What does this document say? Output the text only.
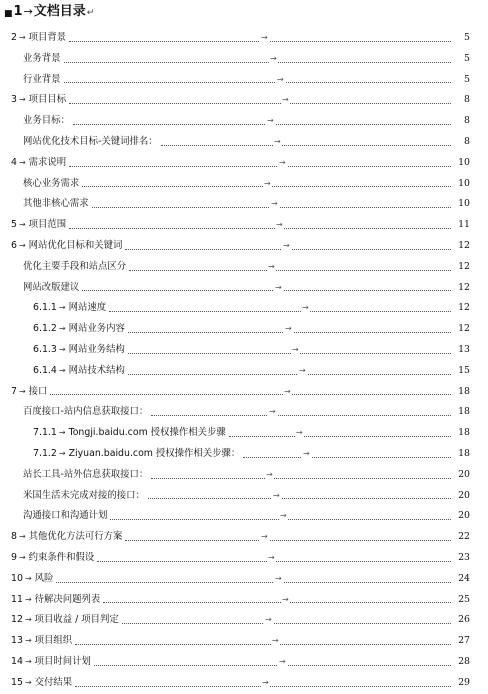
■1→文档目录↵
2 → 项目背景	5
→
业务背景	5
→
行业背景	5
→
3 → 项目目标	8
→
业务目标：	8
→
网站优化技术目标-关键词排名：	8
→
4 → 需求说明	10
→
核心业务需求	10
→
其他非核心需求	10
→
5 → 项目范围	11
→
6 → 网站优化目标和关键词	12
→
优化主要手段和站点区分	12
→
网站改版建议	12
→
6.1.1 → 网站速度	12
→
6.1.2 → 网站业务内容	12
→
6.1.3 → 网站业务结构	13
→
6.1.4 → 网站技术结构	15
→
7 → 接口	18
→
百度接口-站内信息获取接口：	18
→
7.1.1 → Tongji.baidu.com 授权操作相关步骤	18
→
7.1.2 → Ziyuan.baidu.com 授权操作相关步骤：	18
→
站长工具-站外信息获取接口：	20
→
米国生活未完成对接的接口：	20
→
沟通接口和沟通计划	20
→
8 → 其他优化方法可行方案	22
→
9 → 约束条件和假设	23
→
10 → 风险	24
→
11 → 待解决问题列表	25
→
12 → 项目收益 / 项目判定	26
→
13 → 项目组织	27
→
14 → 项目时间计划	28
→
15 → 交付结果	29
→
